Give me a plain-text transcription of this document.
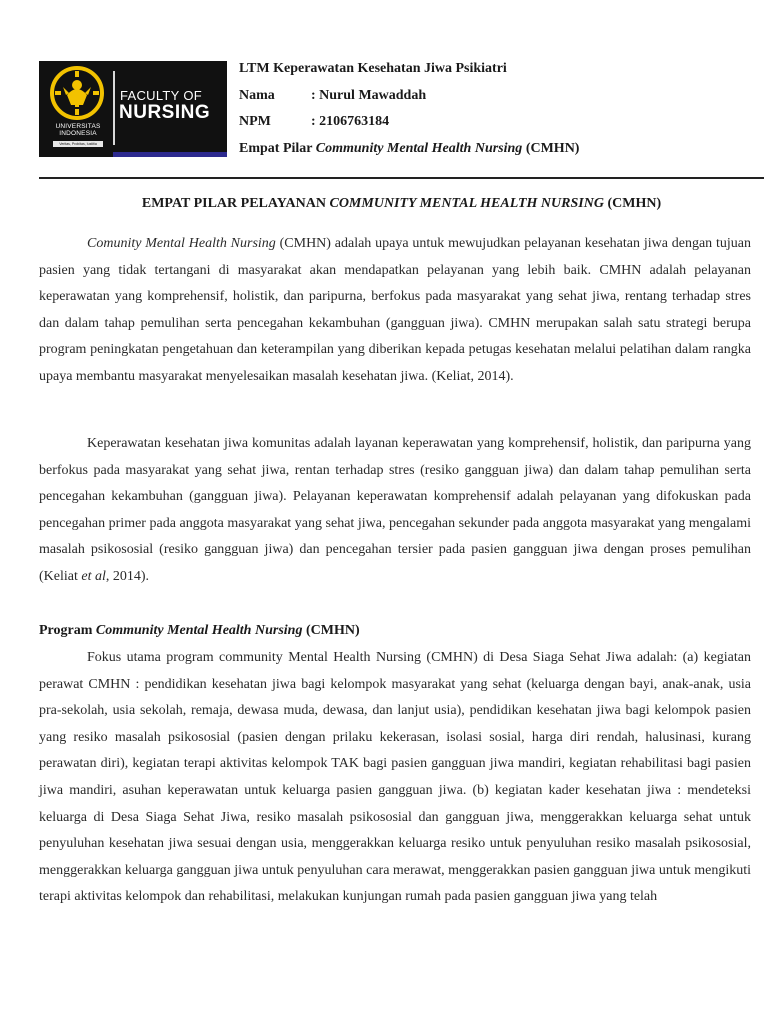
UNIVERSITAS
INDONESIA
Veritas, Probitas, Iustitia
FACULTY OF
NURSING
LTM Keperawatan Kesehatan Jiwa Psikiatri
Nama	: Nurul Mawaddah
NPM	: 2106763184
Empat Pilar Community Mental Health Nursing (CMHN)
EMPAT PILAR PELAYANAN COMMUNITY MENTAL HEALTH NURSING (CMHN)

Comunity Mental Health Nursing (CMHN) adalah upaya untuk mewujudkan pelayanan kesehatan jiwa dengan tujuan pasien yang tidak tertangani di masyarakat akan mendapatkan pelayanan yang lebih baik. CMHN adalah pelayanan keperawatan yang komprehensif, holistik, dan paripurna, berfokus pada masyarakat yang sehat jiwa, rentang terhadap stres dan dalam tahap pemulihan serta pencegahan kekambuhan (gangguan jiwa). CMHN merupakan salah satu strategi berupa program peningkatan pengetahuan dan keterampilan yang diberikan kepada petugas kesehatan melalui pelatihan dalam rangka upaya membantu masyarakat menyelesaikan masalah kesehatan jiwa. (Keliat, 2014).

Keperawatan kesehatan jiwa komunitas adalah layanan keperawatan yang komprehensif, holistik, dan paripurna yang berfokus pada masyarakat yang sehat jiwa, rentan terhadap stres (resiko gangguan jiwa) dan dalam tahap pemulihan serta pencegahan kekambuhan (gangguan jiwa). Pelayanan keperawatan komprehensif adalah pelayanan yang difokuskan pada pencegahan primer pada anggota masyarakat yang sehat jiwa, pencegahan sekunder pada anggota masyarakat yang mengalami masalah psikososial (resiko gangguan jiwa) dan pencegahan tersier pada pasien gangguan jiwa dengan proses pemulihan (Keliat et al, 2014).

Program Community Mental Health Nursing (CMHN)

Fokus utama program community Mental Health Nursing (CMHN) di Desa Siaga Sehat Jiwa adalah: (a) kegiatan perawat CMHN : pendidikan kesehatan jiwa bagi kelompok masyarakat yang sehat (keluarga dengan bayi, anak-anak, usia pra-sekolah, usia sekolah, remaja, dewasa muda, dewasa, dan lanjut usia), pendidikan kesehatan jiwa bagi kelompok pasien yang resiko masalah psikososial (pasien dengan prilaku kekerasan, isolasi sosial, harga diri rendah, halusinasi, kurang perawatan diri), kegiatan terapi aktivitas kelompok TAK bagi pasien gangguan jiwa mandiri, kegiatan rehabilitasi bagi pasien jiwa mandiri, asuhan keperawatan untuk keluarga pasien gangguan jiwa. (b) kegiatan kader kesehatan jiwa : mendeteksi keluarga di Desa Siaga Sehat Jiwa, resiko masalah psikososial dan gangguan jiwa, menggerakkan keluarga sehat untuk penyuluhan kesehatan jiwa sesuai dengan usia, menggerakkan keluarga resiko untuk penyuluhan resiko masalah psikososial, menggerakkan keluarga gangguan jiwa untuk penyuluhan cara merawat, menggerakkan pasien gangguan jiwa untuk mengikuti terapi aktivitas kelompok dan rehabilitasi, melakukan kunjungan rumah pada pasien gangguan jiwa yang telah
